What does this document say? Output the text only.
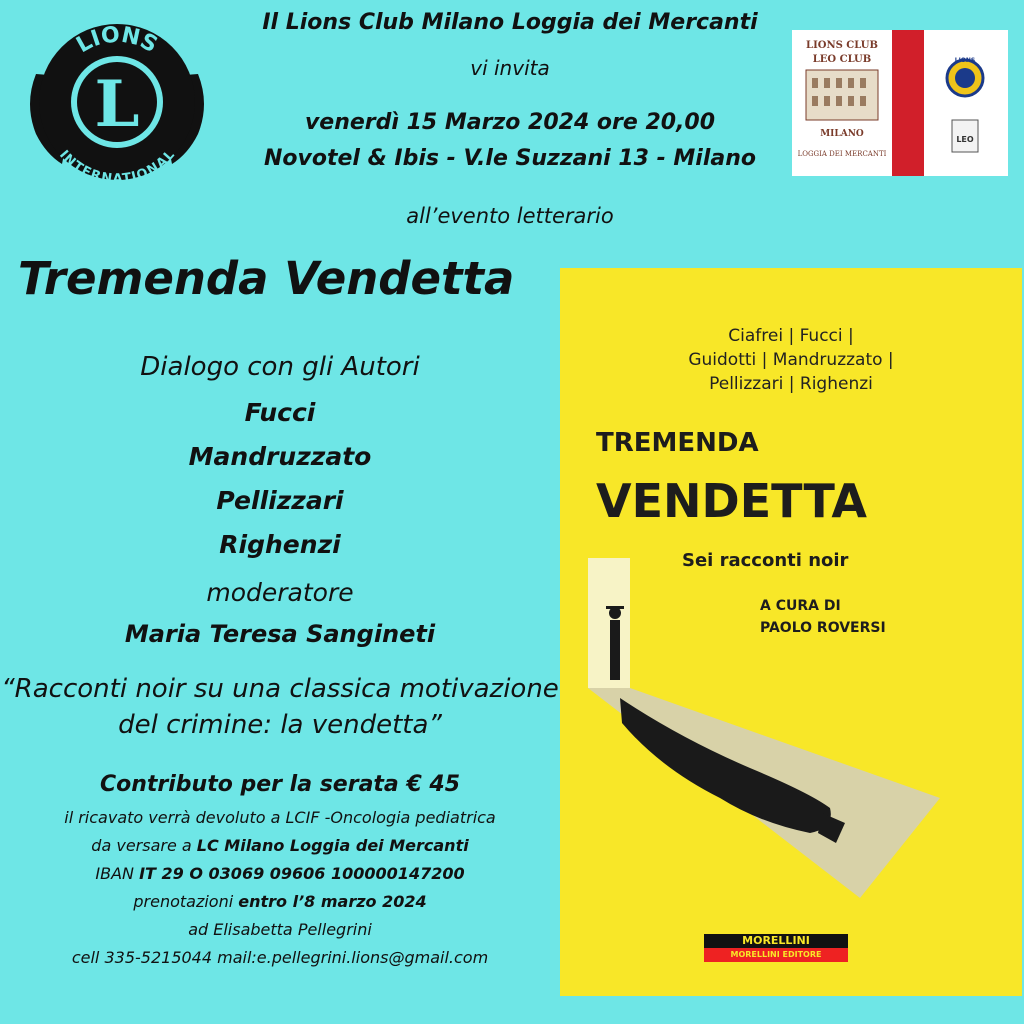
L
LIONS
INTERNATIONAL
Il Lions Club Milano Loggia dei Mercanti
vi invita
venerdì 15 Marzo 2024 ore 20,00
Novotel & Ibis - V.le Suzzani 13 - Milano
all’evento letterario
LIONS CLUB
LEO CLUB
MILANO
LOGGIA DEI MERCANTI
LIONS
LEO
Tremenda Vendetta
Dialogo con gli Autori
Fucci
Mandruzzato
Pellizzari
Righenzi
moderatore
Maria Teresa Sangineti
“Racconti noir su una classica motivazione
del crimine: la vendetta”
Contributo per la serata € 45
il ricavato verrà devoluto a LCIF -Oncologia pediatrica
da versare a LC Milano Loggia dei Mercanti
IBAN IT 29 O 03069 09606 100000147200
prenotazioni entro l’8 marzo 2024
ad Elisabetta Pellegrini
cell 335-5215044 mail:e.pellegrini.lions@gmail.com
Ciafrei | Fucci |
Guidotti | Mandruzzato |
Pellizzari | Righenzi
TREMENDA
VENDETTA
Sei racconti noir
A CURA DI
PAOLO ROVERSI
MORELLINI
MORELLINI EDITORE
